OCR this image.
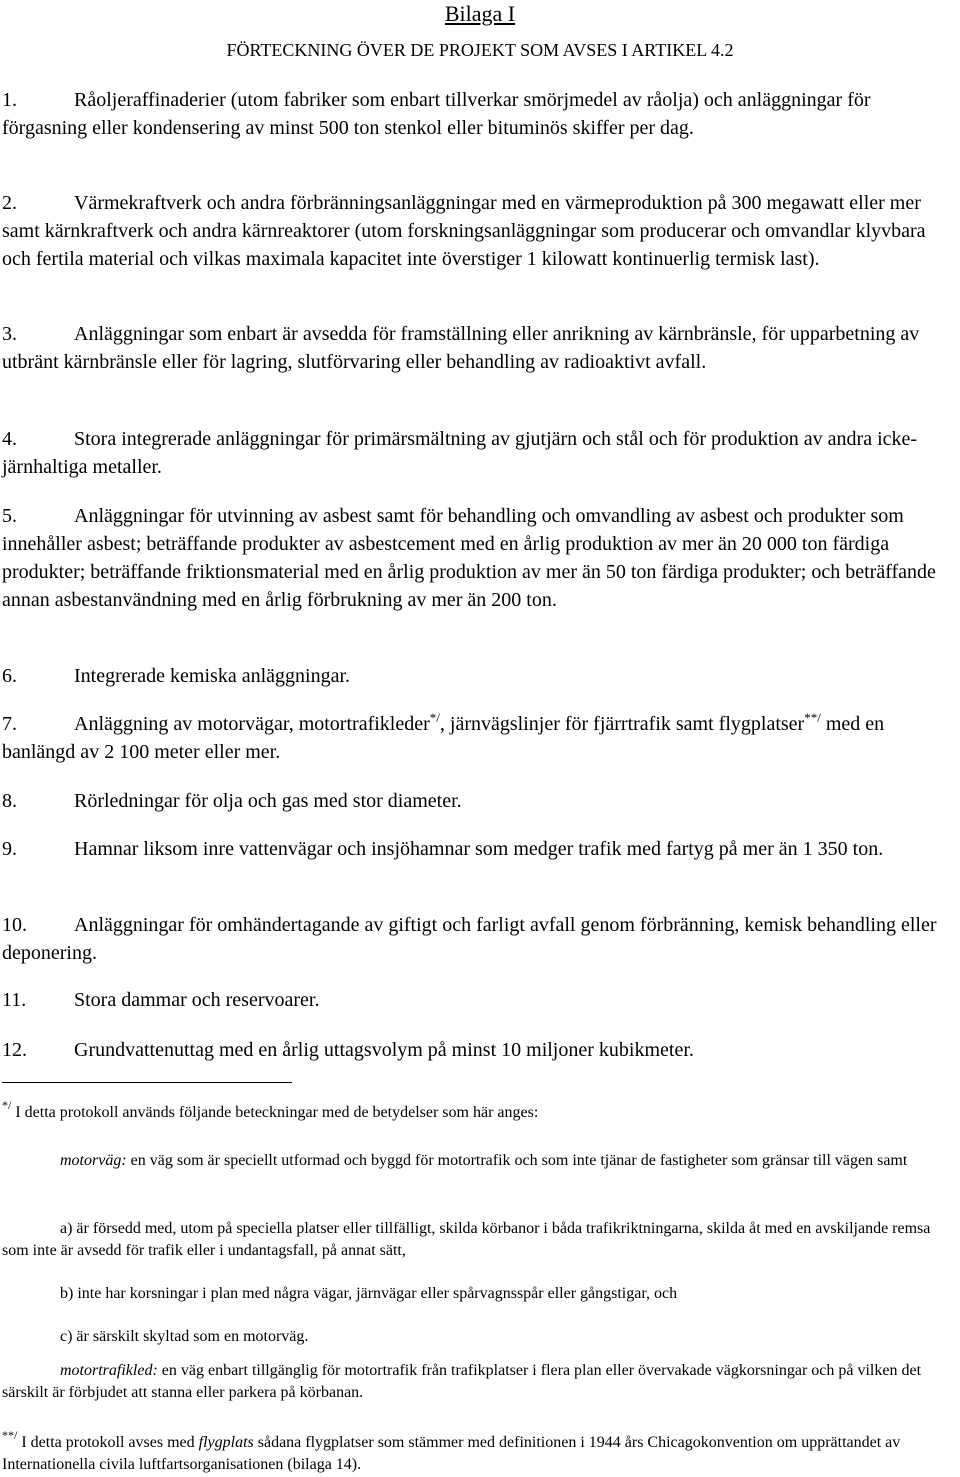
Bilaga I
FÖRTECKNING ÖVER DE PROJEKT SOM AVSES I ARTIKEL 4.2
1.	Råoljeraffinaderier (utom fabriker som enbart tillverkar smörjmedel av råolja) och anläggningar för förgasning eller kondensering av minst 500 ton stenkol eller bituminös skiffer per dag.
2.	Värmekraftverk och andra förbränningsanläggningar med en värmeproduktion på 300 megawatt eller mer samt kärnkraftverk och andra kärnreaktorer (utom forskningsanläggningar som producerar och omvandlar klyvbara och fertila material och vilkas maximala kapacitet inte överstiger 1 kilowatt kontinuerlig termisk last).
3.	Anläggningar som enbart är avsedda för framställning eller anrikning av kärnbränsle, för upparbetning av utbränt kärnbränsle eller för lagring, slutförvaring eller behandling av radioaktivt avfall.
4.	Stora integrerade anläggningar för primärsmältning av gjutjärn och stål och för produktion av andra icke-järnhaltiga metaller.
5.	Anläggningar för utvinning av asbest samt för behandling och omvandling av asbest och produkter som innehåller asbest; beträffande produkter av asbestcement med en årlig produktion av mer än 20 000 ton färdiga produkter; beträffande friktionsmaterial med en årlig produktion av mer än 50 ton färdiga produkter; och beträffande annan asbestanvändning med en årlig förbrukning av mer än 200 ton.
6.	Integrerade kemiska anläggningar.
7.	Anläggning av motorvägar, motortrafikleder*/, järnvägslinjer för fjärrtrafik samt flygplatser**/ med en banlängd av 2 100 meter eller mer.
8.	Rörledningar för olja och gas med stor diameter.
9.	Hamnar liksom inre vattenvägar och insjöhamnar som medger trafik med fartyg på mer än 1 350 ton.
10. Anläggningar för omhändertagande av giftigt och farligt avfall genom förbränning, kemisk behandling eller deponering.
11. Stora dammar och reservoarer.
12. Grundvattenuttag med en årlig uttagsvolym på minst 10 miljoner kubikmeter.
*/ I detta protokoll används följande beteckningar med de betydelser som här anges:
motorväg: en väg som är speciellt utformad och byggd för motortrafik och som inte tjänar de fastigheter som gränsar till vägen samt
a) är försedd med, utom på speciella platser eller tillfälligt, skilda körbanor i båda trafikriktningarna, skilda åt med en avskiljande remsa som inte är avsedd för trafik eller i undantagsfall, på annat sätt,
b) inte har korsningar i plan med några vägar, järnvägar eller spårvagnsspår eller gångstigar, och
c) är särskilt skyltad som en motorväg.
motortrafikled: en väg enbart tillgänglig för motortrafik från trafikplatser i flera plan eller övervakade vägkorsningar och på vilken det särskilt är förbjudet att stanna eller parkera på körbanan.
**/ I detta protokoll avses med flygplats sådana flygplatser som stämmer med definitionen i 1944 års Chicagokonvention om upprättandet av Internationella civila luftfartsorganisationen (bilaga 14).
